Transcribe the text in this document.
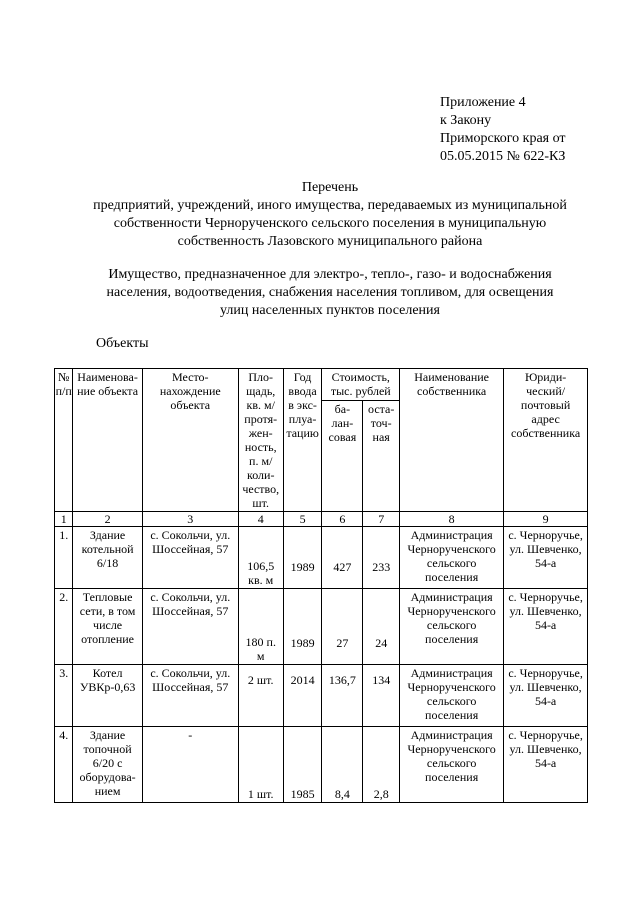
Приложение 4
к Закону
Приморского края от
05.05.2015 № 622-КЗ
Перечень
предприятий, учреждений, иного имущества, передаваемых из муниципальной
собственности Чернорученского сельского поселения в муниципальную
собственность Лазовского муниципального района
Имущество, предназначенное для электро-, тепло-, газо- и водоснабжения
населения, водоотведения, снабжения населения топливом, для освещения
улиц населенных пунктов поселения
Объекты
№ п/п	Наименова-ние объекта	Место-нахождение объекта	Пло-щадь, кв. м/ протя-жен-ность, п. м/ коли-чество, шт.	Год ввода в экс-плуа-тацию	Стоимость, тыс. рублей		Наименование собственника	Юриди-ческий/ почтовый адрес собственника
					ба-лан-совая	оста-точ-ная		
1	2	3	4	5	6	7	8	9
1.	Здание котельной 6/18	с. Сокольчи, ул. Шоссейная, 57	106,5 кв. м	1989	427	233	Администрация Чернорученского сельского поселения	с. Черноручье, ул. Шевченко, 54-а
2.	Тепловые сети, в том числе отопление	с. Сокольчи, ул. Шоссейная, 57	180 п. м	1989	27	24	Администрация Чернорученского сельского поселения	с. Черноручье, ул. Шевченко, 54-а
3.	Котел УВКр-0,63	с. Сокольчи, ул. Шоссейная, 57	2 шт.	2014	136,7	134	Администрация Чернорученского сельского поселения	с. Черноручье, ул. Шевченко, 54-а
4.	Здание топочной 6/20 с оборудова-нием	-	1 шт.	1985	8,4	2,8	Администрация Чернорученского сельского поселения	с. Черноручье, ул. Шевченко, 54-а
